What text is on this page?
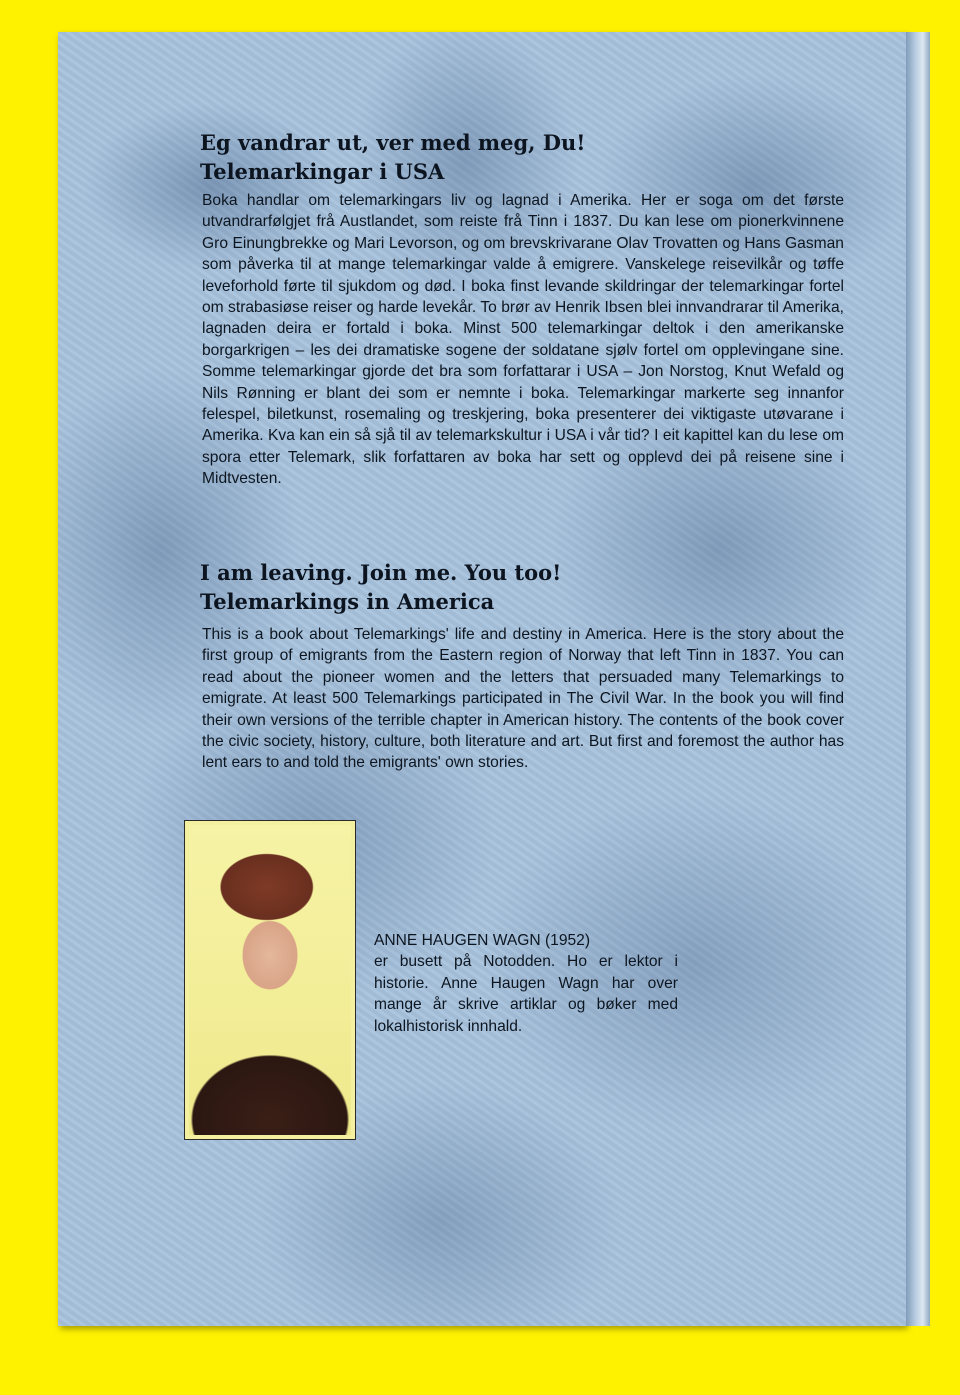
Eg vandrar ut, ver med meg, Du!
Telemarkingar i USA

Boka handlar om telemarkingars liv og lagnad i Amerika. Her er soga om det første utvandrarfølgjet frå Austlandet, som reiste frå Tinn i 1837. Du kan lese om pionerkvinnene Gro Einungbrekke og Mari Levorson, og om brevskrivarane Olav Trovatten og Hans Gasman som påverka til at mange telemarkingar valde å emigrere. Vanskelege reisevilkår og tøffe leveforhold førte til sjukdom og død. I boka finst levande skildringar der telemarkingar fortel om strabasiøse reiser og harde levekår. To brør av Henrik Ibsen blei innvandrarar til Amerika, lagnaden deira er fortald i boka. Minst 500 telemarkingar deltok i den amerikanske borgarkrigen – les dei dramatiske sogene der soldatane sjølv fortel om opplevingane sine. Somme telemarkingar gjorde det bra som forfattarar i USA – Jon Norstog, Knut Wefald og Nils Rønning er blant dei som er nemnte i boka. Telemarkingar markerte seg innanfor felespel, biletkunst, rosemaling og treskjering, boka presenterer dei viktigaste utøvarane i Amerika. Kva kan ein så sjå til av telemarkskultur i USA i vår tid? I eit kapittel kan du lese om spora etter Telemark, slik forfattaren av boka har sett og opplevd dei på reisene sine i Midtvesten.

I am leaving. Join me. You too!
Telemarkings in America

This is a book about Telemarkings' life and destiny in America. Here is the story about the first group of emigrants from the Eastern region of Norway that left Tinn in 1837. You can read about the pioneer women and the letters that persuaded many Telemarkings to emigrate. At least 500 Telemarkings participated in The Civil War. In the book you will find their own versions of the terrible chapter in American history. The contents of the book cover the civic society, history, culture, both literature and art. But first and foremost the author has lent ears to and told the emigrants' own stories.

ANNE HAUGEN WAGN (1952)
er busett på Notodden. Ho er lektor i historie. Anne Haugen Wagn har over mange år skrive artiklar og bøker med lokalhistorisk innhald.
